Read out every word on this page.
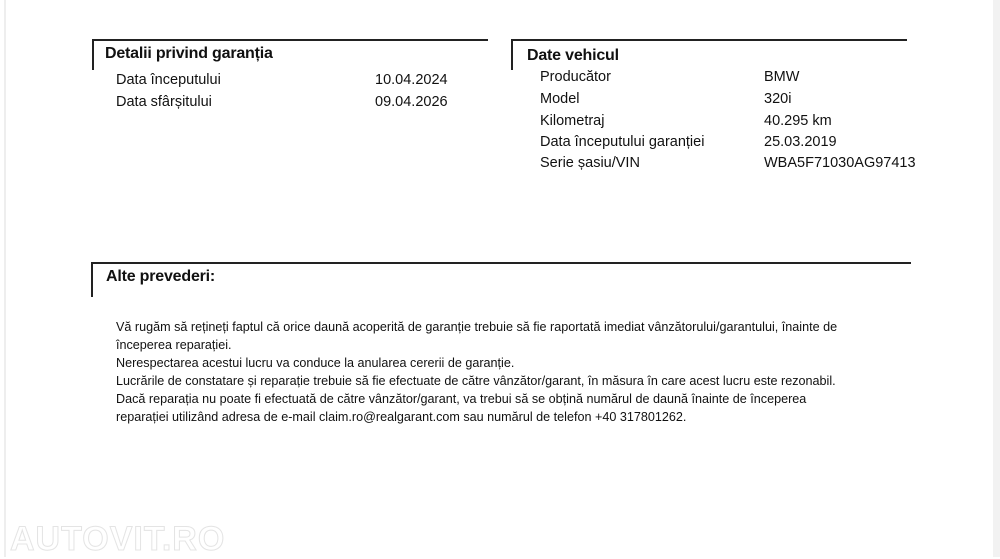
Detalii privind garanția
Data începutului	10.04.2024
Data sfârșitului	09.04.2026
Date vehicul
Producător	BMW
Model	320i
Kilometraj	40.295 km
Data începutului garanției	25.03.2019
Serie șasiu/VIN	WBA5F71030AG97413
Alte prevederi:
Vă rugăm să rețineți faptul că orice daună acoperită de garanție trebuie să fie raportată imediat vânzătorului/garantului, înainte de
începerea reparației.
Nerespectarea acestui lucru va conduce la anularea cererii de garanție.
Lucrările de constatare și reparație trebuie să fie efectuate de către vânzător/garant, în măsura în care acest lucru este rezonabil.
Dacă reparația nu poate fi efectuată de către vânzător/garant, va trebui să se obțină numărul de daună înainte de începerea
reparației utilizând adresa de e-mail claim.ro@realgarant.com sau numărul de telefon +40 317801262.
AUTOVIT.RO
